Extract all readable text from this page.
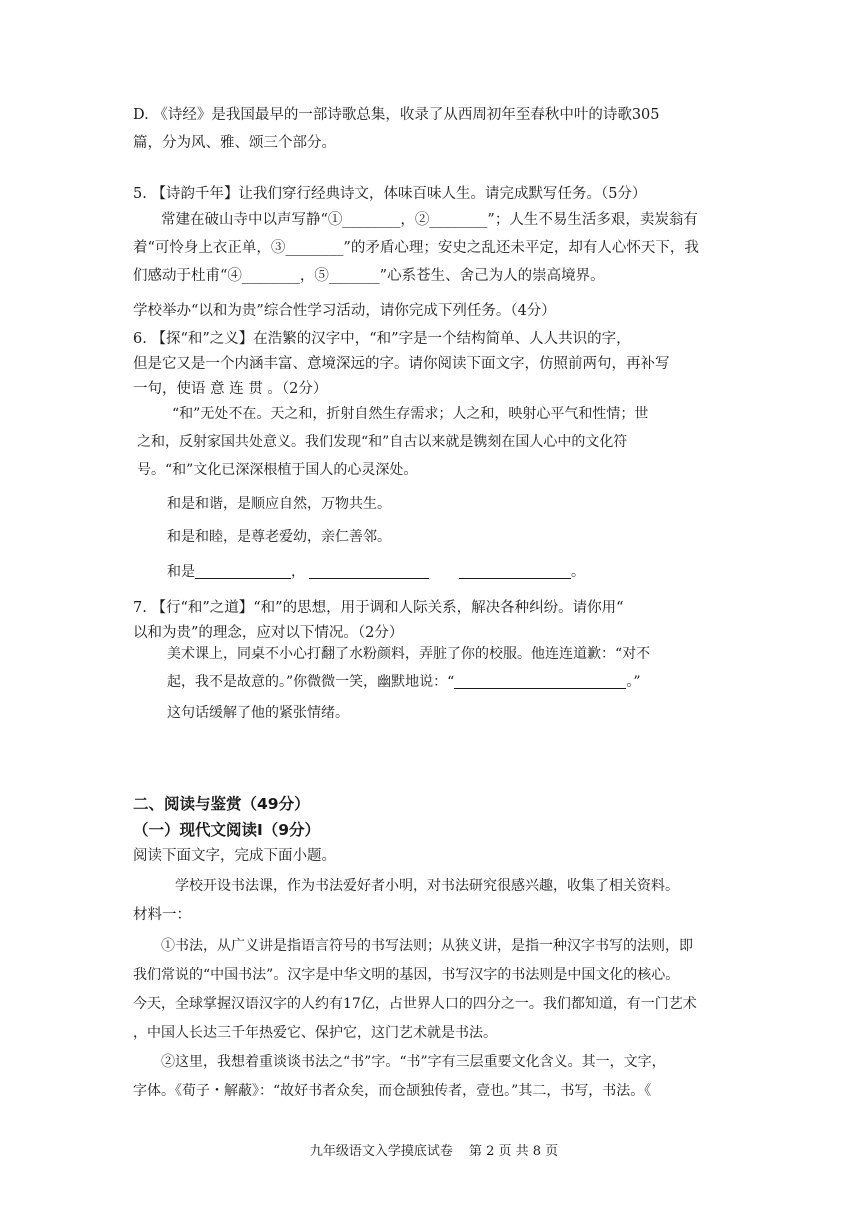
D. 《诗经》是我国最早的一部诗歌总集，收录了从西周初年至春秋中叶的诗歌305
篇，分为风、雅、颂三个部分。
5. 【诗韵千年】让我们穿行经典诗文，体味百味人生。请完成默写任务。（5分）
常建在破山寺中以声写静“①________，②________”；人生不易生活多艰，卖炭翁有
着“可怜身上衣正单，③________”的矛盾心理；安史之乱还未平定，却有人心怀天下，我
们感动于杜甫“④________，⑤_______”心系苍生、舍己为人的崇高境界。
学校举办“以和为贵”综合性学习活动，请你完成下列任务。（4分）
6. 【探“和”之义】在浩繁的汉字中，“和”字是一个结构简单、人人共识的字，
但是它又是一个内涵丰富、意境深远的字。请你阅读下面文字，仿照前两句，再补写
一句，使语 意 连 贯 。（2分）
“和”无处不在。天之和，折射自然生存需求；人之和，映射心平气和性情；世
之和，反射家国共处意义。我们发现“和”自古以来就是镌刻在国人心中的文化符
号。“和”文化已深深根植于国人的心灵深处。
和是和谐，是顺应自然，万物共生。
和是和睦，是尊老爱幼，亲仁善邻。
和是	，	。
7. 【行“和”之道】“和”的思想，用于调和人际关系，解决各种纠纷。请你用“
以和为贵”的理念，应对以下情况。（2分）
美术课上，同桌不小心打翻了水粉颜料，弄脏了你的校服。他连连道歉：“对不
起，我不是故意的。”你微微一笑，幽默地说：“	。”
这句话缓解了他的紧张情绪。
二、阅读与鉴赏（49分）
（一）现代文阅读Ⅰ（9分）
阅读下面文字，完成下面小题。
学校开设书法课，作为书法爱好者小明，对书法研究很感兴趣，收集了相关资料。
材料一：
①书法，从广义讲是指语言符号的书写法则；从狭义讲，是指一种汉字书写的法则，即
我们常说的“中国书法”。汉字是中华文明的基因，书写汉字的书法则是中国文化的核心。
今天，全球掌握汉语汉字的人约有17亿，占世界人口的四分之一。我们都知道，有一门艺术
，中国人长达三千年热爱它、保护它，这门艺术就是书法。
②这里，我想着重谈谈书法之“书”字。“书”字有三层重要文化含义。其一，文字，
字体。《荀子・解蔽》：“故好书者众矣，而仓颉独传者，壹也。”其二，书写，书法。《
九年级语文入学摸底试卷 第 2 页 共 8 页
